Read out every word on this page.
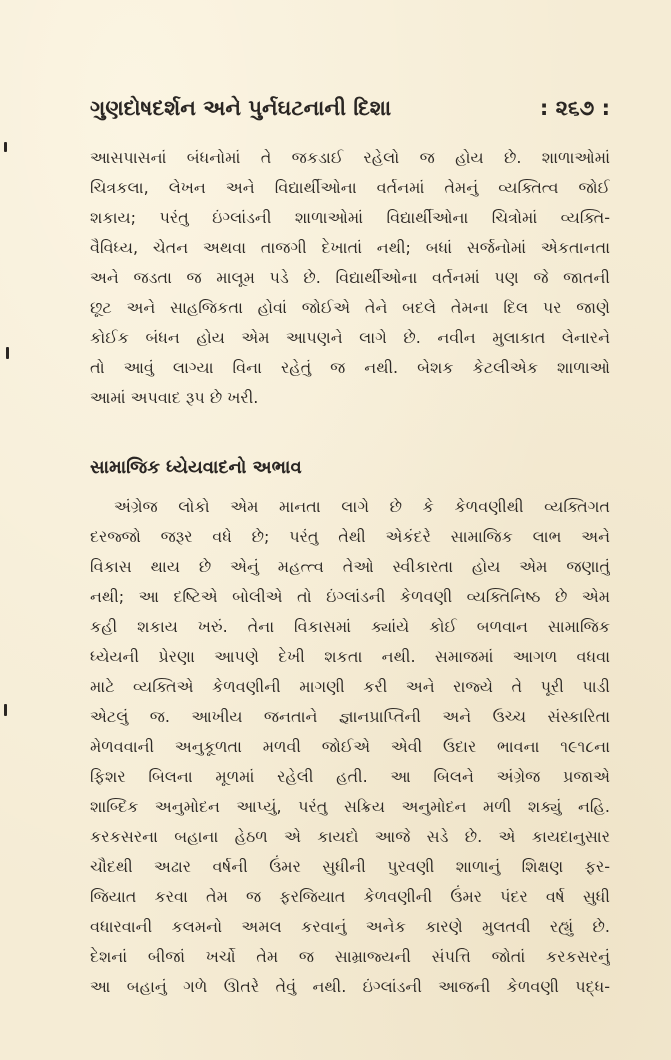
ગુણદોષદર્શન અને પુર્નઘટનાની દિશા	: ૨૬૭ :
આસપાસનાં બંધનોમાં તે જકડાઈ રહેલો જ હોય છે. શાળાઓમાં
ચિત્રકલા, લેખન અને વિદ્યાર્થીઓના વર્તનમાં તેમનું વ્યક્તિત્વ જોઈ
શકાય; પરંતુ ઇંગ્લાંડની શાળાઓમાં વિદ્યાર્થીઓના ચિત્રોમાં વ્યક્તિ-
વૈવિધ્ય, ચેતન અથવા તાજગી દેખાતાં નથી; બધાં સર્જનોમાં એકતાનતા
અને જડતા જ માલૂમ પડે છે. વિદ્યાર્થીઓના વર્તનમાં પણ જે જાતની
છૂટ અને સાહજિકતા હોવાં જોઈએ તેને બદલે તેમના દિલ પર જાણે
કોઈક બંધન હોય એમ આપણને લાગે છે. નવીન મુલાકાત લેનારને
તો આવું લાગ્યા વિના રહેતું જ નથી. બેશક કેટલીએક શાળાઓ
આમાં અપવાદ રૂપ છે ખરી.
સામાજિક ધ્યેયવાદનો અભાવ
અંગ્રેજ લોકો એમ માનતા લાગે છે કે કેળવણીથી વ્યક્તિગત
દરજ્જો જરૂર વધે છે; પરંતુ તેથી એકંદરે સામાજિક લાભ અને
વિકાસ થાય છે એનું મહત્ત્વ તેઓ સ્વીકારતા હોય એમ જણાતું
નથી; આ દષ્ટિએ બોલીએ તો ઇંગ્લાંડની કેળવણી વ્યક્તિનિષ્ઠ છે એમ
કહી શકાય ખરું. તેના વિકાસમાં ક્યાંયે કોઈ બળવાન સામાજિક
ધ્યેયની પ્રેરણા આપણે દેખી શકતા નથી. સમાજમાં આગળ વધવા
માટે વ્યક્તિએ કેળવણીની માગણી કરી અને રાજ્યે તે પૂરી પાડી
એટલું જ. આખીય જનતાને જ્ઞાનપ્રાપ્તિની અને ઉચ્ચ સંસ્કારિતા
મેળવવાની અનુકૂળતા મળવી જોઈએ એવી ઉદાર ભાવના ૧૯૧૮ના
ફિશર બિલના મૂળમાં રહેલી હતી. આ બિલને અંગ્રેજ પ્રજાએ
શાબ્દિક અનુમોદન આપ્યું, પરંતુ સક્રિય અનુમોદન મળી શક્યું નહિ.
કરકસરના બહાના હેઠળ એ કાયદો આજે સડે છે. એ કાયદાનુસાર
ચૌદથી અઢાર વર્ષની ઉંમર સુધીની પુરવણી શાળાનું શિક્ષણ ફર-
જિયાત કરવા તેમ જ ફરજિયાત કેળવણીની ઉંમર પંદર વર્ષ સુધી
વધારવાની કલમનો અમલ કરવાનું અનેક કારણે મુલતવી રહ્યું છે.
દેશનાં બીજાં ખર્ચો તેમ જ સામ્રાજ્યની સંપત્તિ જોતાં કરકસરનું
આ બહાનું ગળે ઊતરે તેવું નથી. ઇંગ્લાંડની આજની કેળવણી પદ્ધ-
